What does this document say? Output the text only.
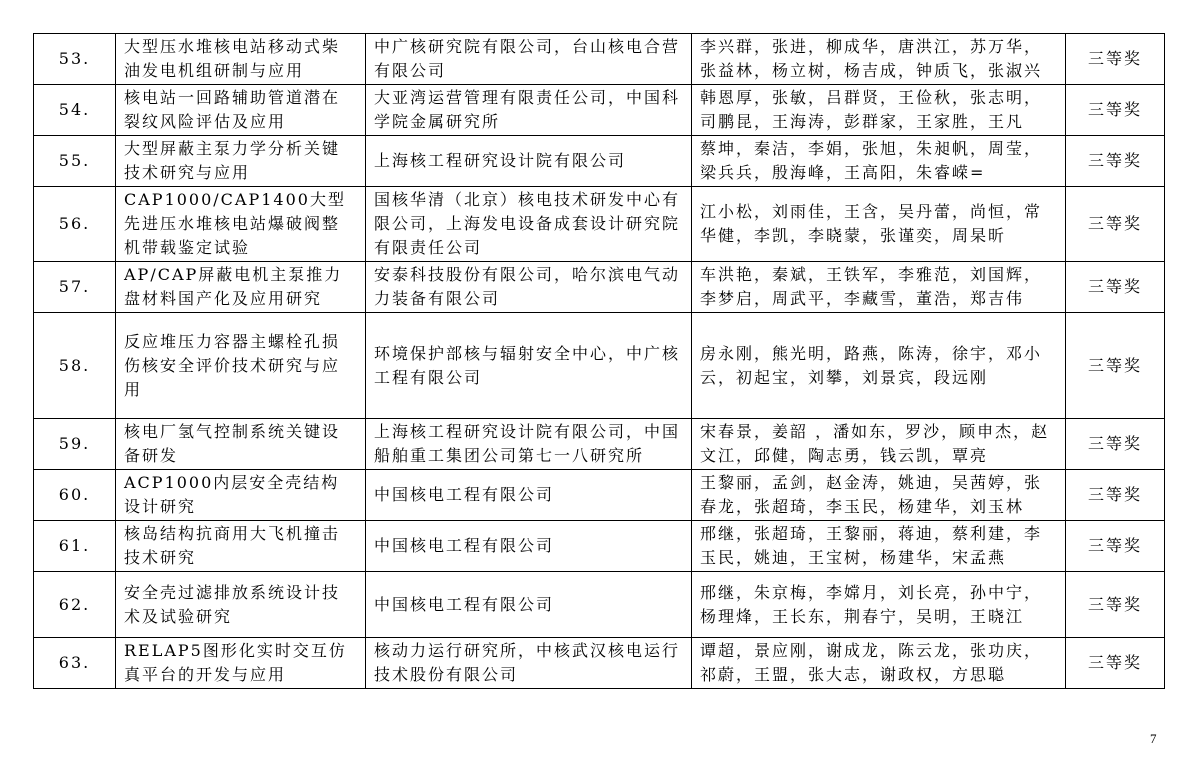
53.	大型压水堆核电站移动式柴油发电机组研制与应用	中广核研究院有限公司，台山核电合营有限公司	李兴群，张进，柳成华，唐洪江，苏万华，张益林，杨立树，杨吉成，钟质飞，张淑兴	三等奖
54.	核电站一回路辅助管道潜在裂纹风险评估及应用	大亚湾运营管理有限责任公司，中国科学院金属研究所	韩恩厚，张敏，吕群贤，王俭秋，张志明，司鹏昆，王海涛，彭群家，王家胜，王凡	三等奖
55.	大型屏蔽主泵力学分析关键技术研究与应用	上海核工程研究设计院有限公司	蔡坤，秦洁，李娟，张旭，朱昶帆，周莹，梁兵兵，殷海峰，王高阳，朱睿嵘=	三等奖
56.	CAP1000/CAP1400大型先进压水堆核电站爆破阀整机带载鉴定试验	国核华清（北京）核电技术研发中心有限公司，上海发电设备成套设计研究院有限责任公司	江小松，刘雨佳，王含，吴丹蕾，尚恒，常华健，李凯，李晓蒙，张谨奕，周杲昕	三等奖
57.	AP/CAP屏蔽电机主泵推力盘材料国产化及应用研究	安泰科技股份有限公司，哈尔滨电气动力装备有限公司	车洪艳，秦斌，王铁军，李雅范，刘国辉，李梦启，周武平，李藏雪，董浩，郑吉伟	三等奖
58.	反应堆压力容器主螺栓孔损伤核安全评价技术研究与应用	环境保护部核与辐射安全中心，中广核工程有限公司	房永刚，熊光明，路燕，陈涛，徐宇，邓小云，初起宝，刘攀，刘景宾，段远刚	三等奖
59.	核电厂氢气控制系统关键设备研发	上海核工程研究设计院有限公司，中国船舶重工集团公司第七一八研究所	宋春景，姜韶 ，潘如东，罗沙，顾申杰，赵文江，邱健，陶志勇，钱云凯，覃亮	三等奖
60.	ACP1000内层安全壳结构设计研究	中国核电工程有限公司	王黎丽，孟剑，赵金涛，姚迪，吴茜婷，张春龙，张超琦，李玉民，杨建华，刘玉林	三等奖
61.	核岛结构抗商用大飞机撞击技术研究	中国核电工程有限公司	邢继，张超琦，王黎丽，蒋迪，蔡利建，李玉民，姚迪，王宝树，杨建华，宋孟燕	三等奖
62.	安全壳过滤排放系统设计技术及试验研究	中国核电工程有限公司	邢继，朱京梅，李嫦月，刘长亮，孙中宁，杨理烽，王长东，荆春宁，吴明，王晓江	三等奖
63.	RELAP5图形化实时交互仿真平台的开发与应用	核动力运行研究所，中核武汉核电运行技术股份有限公司	谭超，景应刚，谢成龙，陈云龙，张功庆，祁蔚，王盟，张大志，谢政权，方思聪	三等奖
7
